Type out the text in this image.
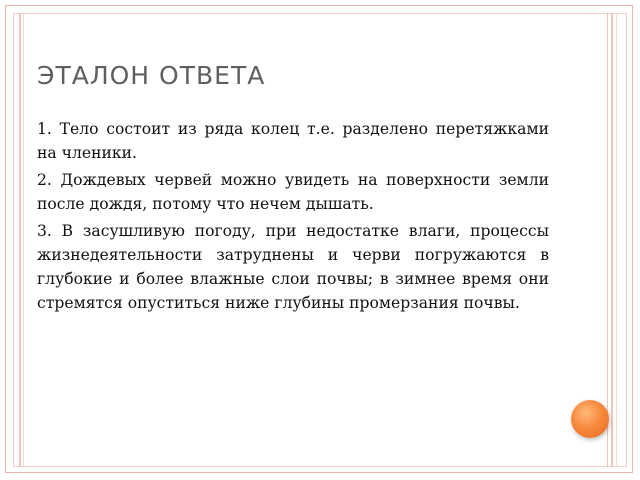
ЭТАЛОН ОТВЕТА

1. Тело состоит из ряда колец т.е. разделено перетяжками на членики.

2. Дождевых червей можно увидеть на поверхности земли после дождя, потому что нечем дышать.

3. В засушливую погоду, при недостатке влаги, процессы жизнедеятельности затруднены и черви погружаются в глубокие и более влажные слои почвы; в зимнее время они стремятся опуститься ниже глубины промерзания почвы.
